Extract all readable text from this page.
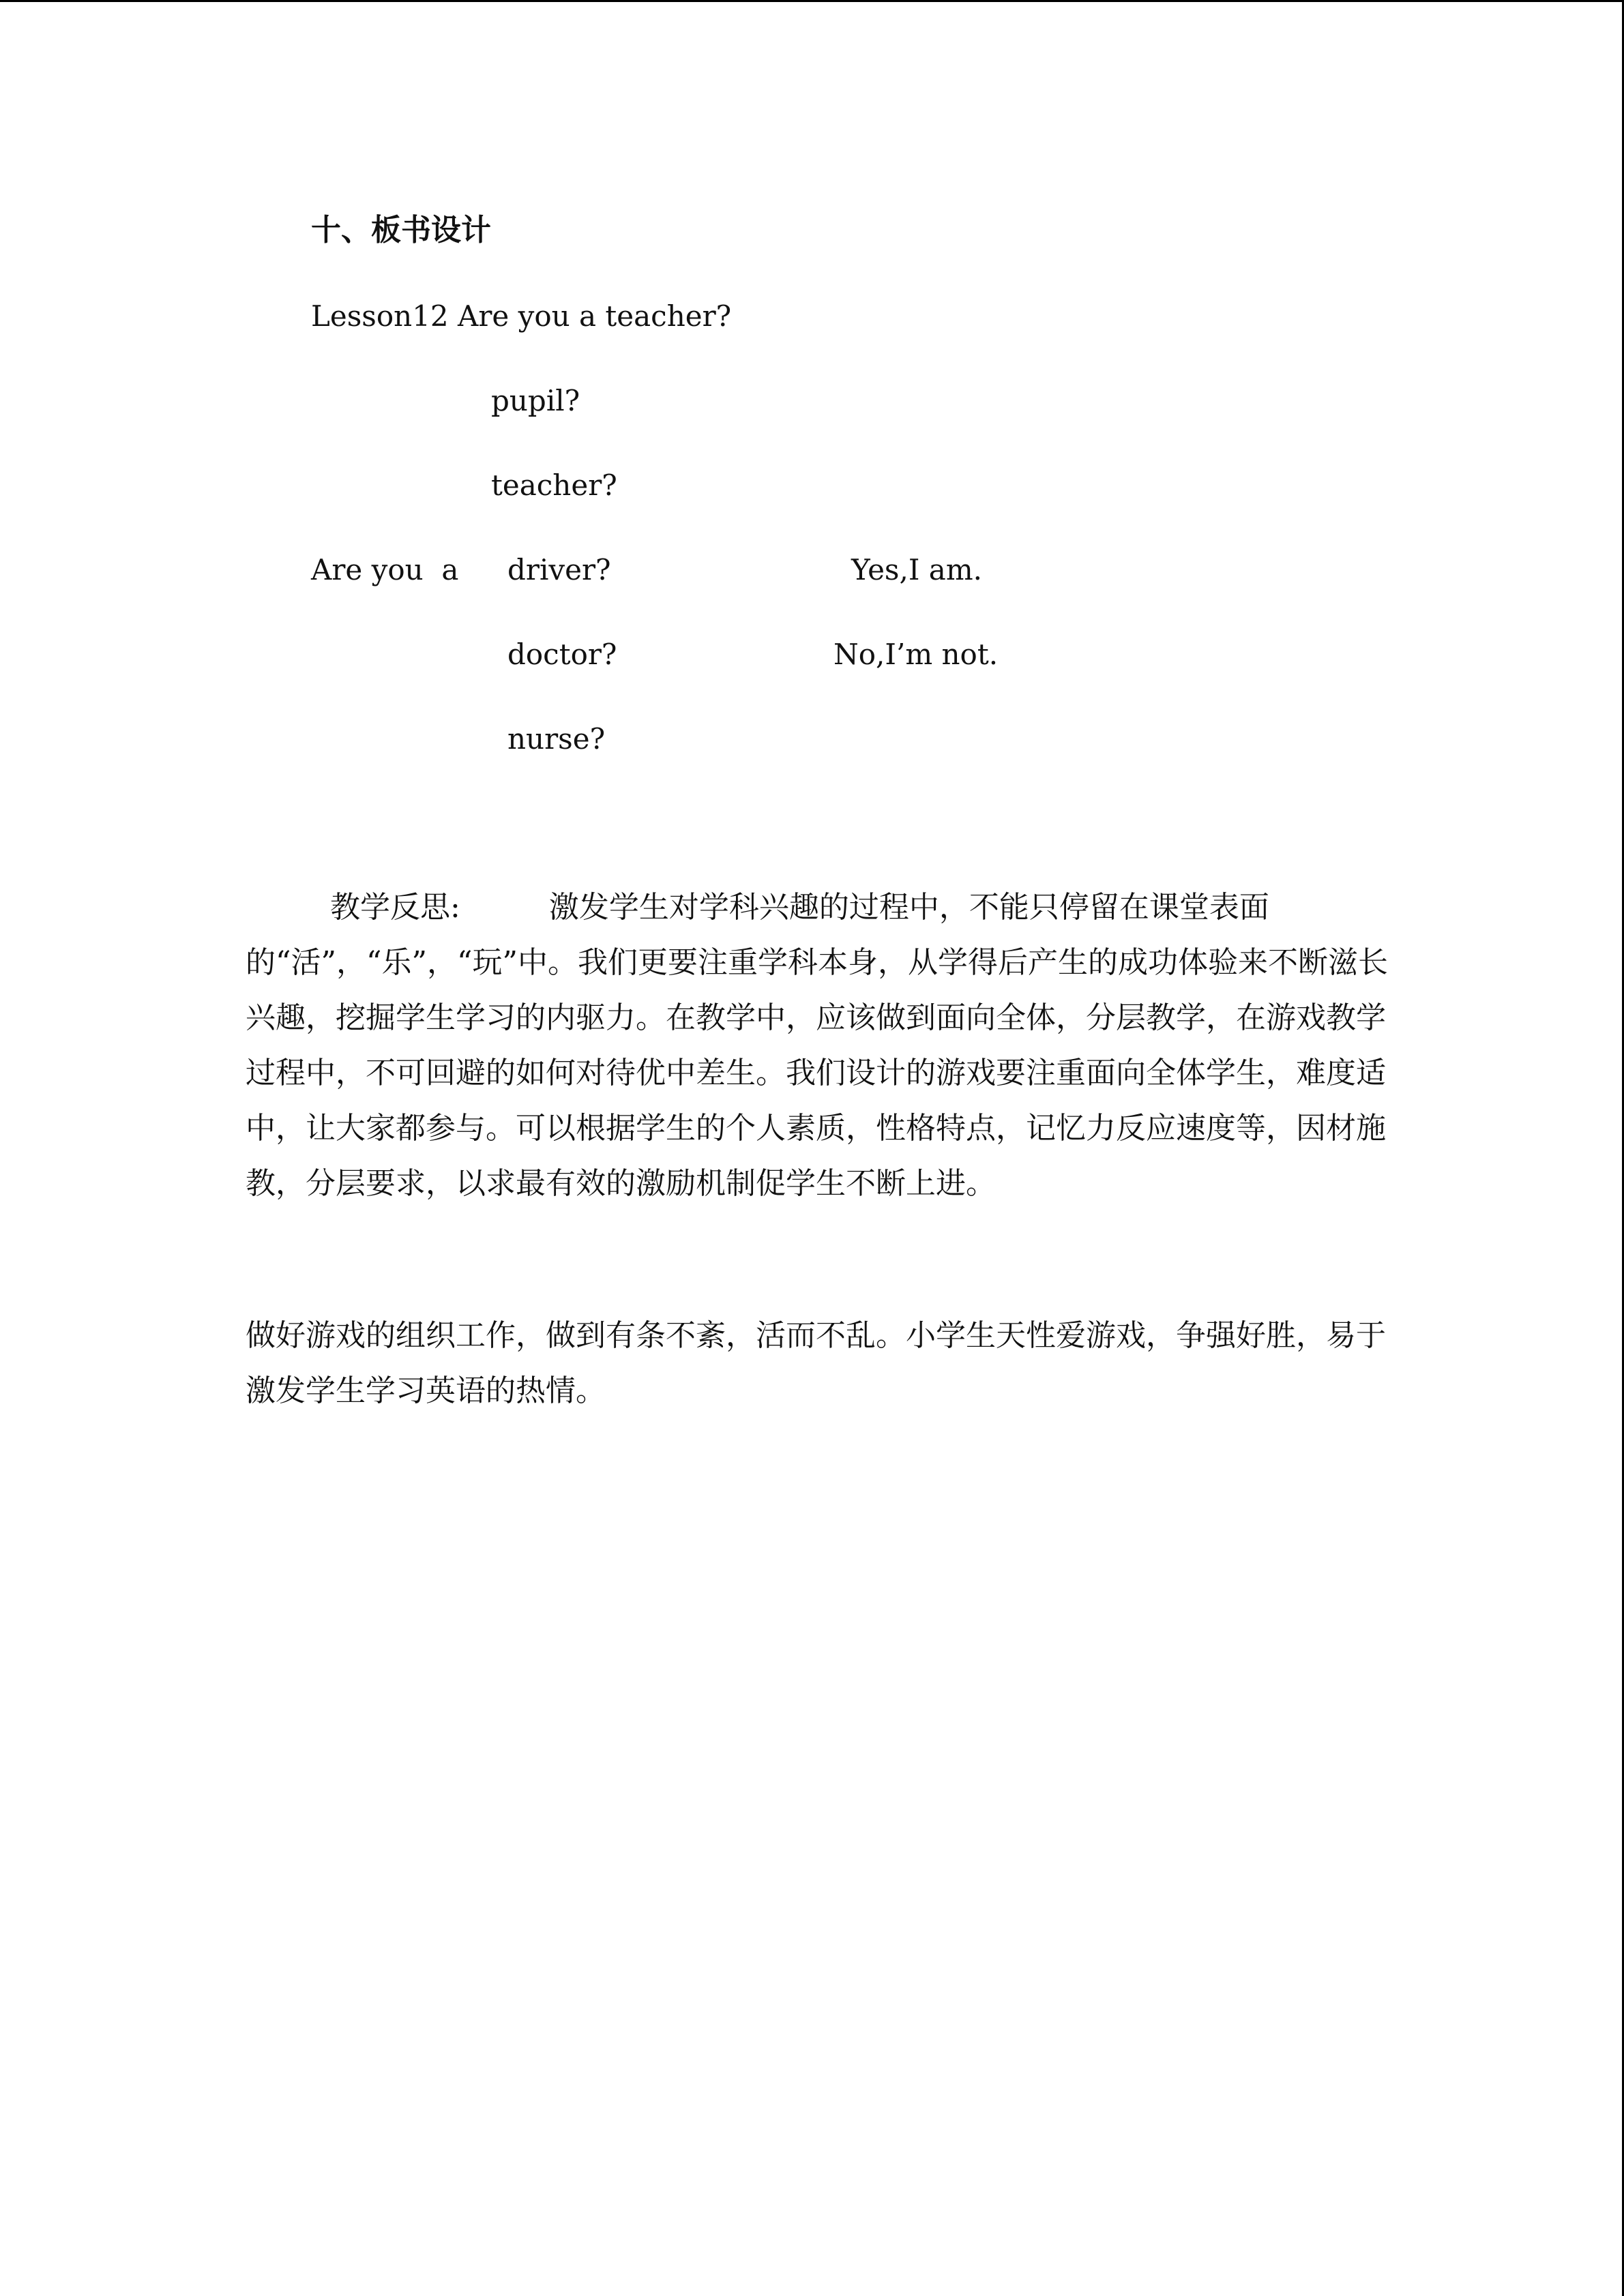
十、板书设计
Lesson12 Are you a teacher?
pupil?
teacher?
Are you  a driver?	Yes,I am.
doctor?	No,I’m not.
nurse?

教学反思:	激发学生对学科兴趣的过程中，不能只停留在课堂表面的“活”，“乐”，“玩”中。我们更要注重学科本身，从学得后产生的成功体验来不断滋长兴趣，挖掘学生学习的内驱力。在教学中，应该做到面向全体，分层教学，在游戏教学过程中，不可回避的如何对待优中差生。我们设计的游戏要注重面向全体学生，难度适中，让大家都参与。可以根据学生的个人素质，性格特点，记忆力反应速度等，因材施教，分层要求，以求最有效的激励机制促学生不断上进。

做好游戏的组织工作，做到有条不紊，活而不乱。小学生天性爱游戏，争强好胜，易于激发学生学习英语的热情。
